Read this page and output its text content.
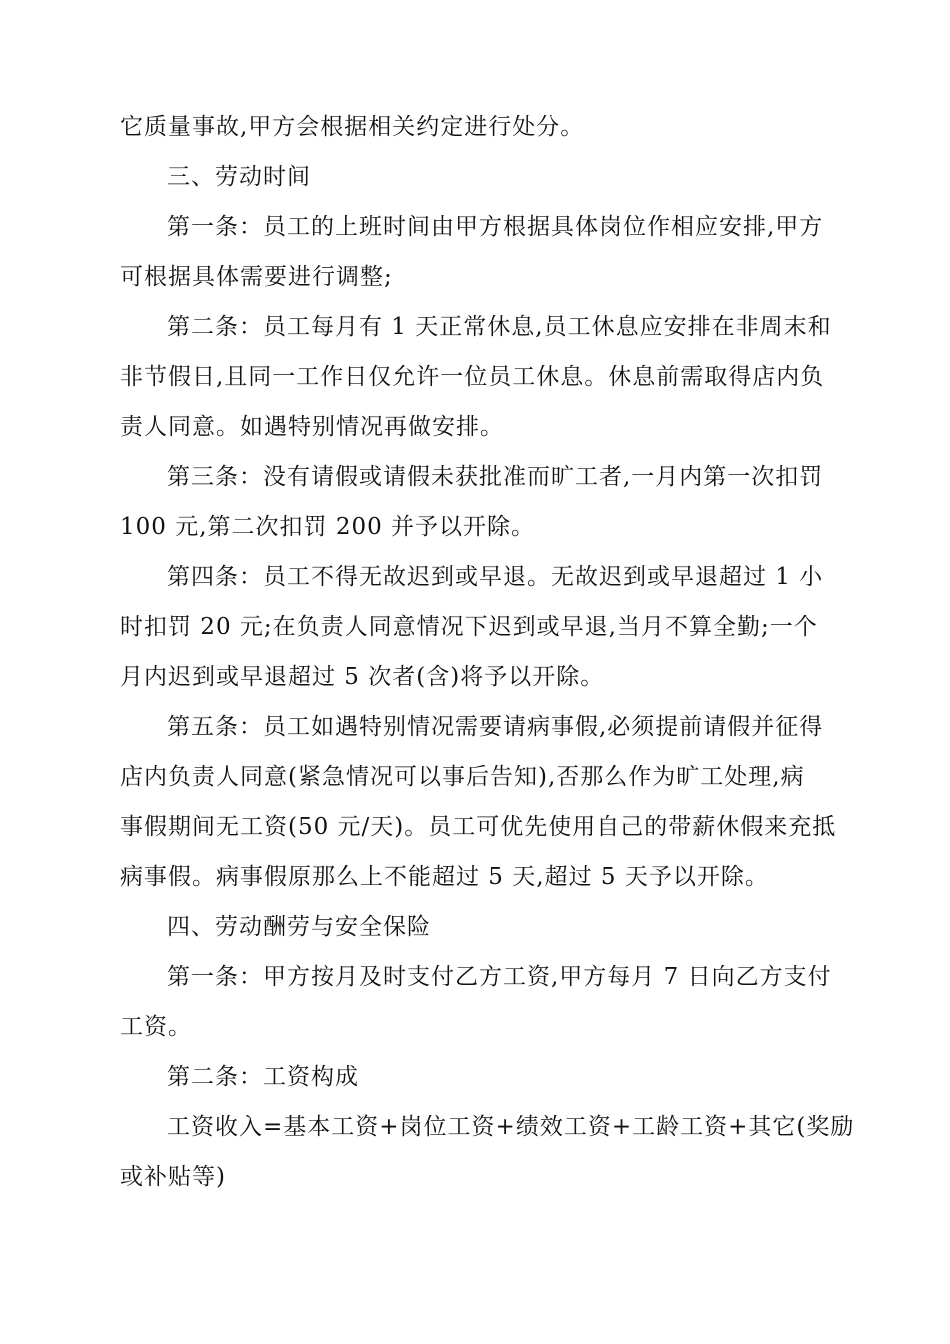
它质量事故,甲方会根据相关约定进行处分。
三、劳动时间
第一条：员工的上班时间由甲方根据具体岗位作相应安排,甲方
可根据具体需要进行调整;
第二条：员工每月有 1 天正常休息,员工休息应安排在非周末和
非节假日,且同一工作日仅允许一位员工休息。休息前需取得店内负
责人同意。如遇特别情况再做安排。
第三条：没有请假或请假未获批准而旷工者,一月内第一次扣罚
100 元,第二次扣罚 200 并予以开除。
第四条：员工不得无故迟到或早退。无故迟到或早退超过 1 小
时扣罚 20 元;在负责人同意情况下迟到或早退,当月不算全勤;一个
月内迟到或早退超过 5 次者(含)将予以开除。
第五条：员工如遇特别情况需要请病事假,必须提前请假并征得
店内负责人同意(紧急情况可以事后告知),否那么作为旷工处理,病
事假期间无工资(50 元/天)。员工可优先使用自己的带薪休假来充抵
病事假。病事假原那么上不能超过 5 天,超过 5 天予以开除。
四、劳动酬劳与安全保险
第一条：甲方按月及时支付乙方工资,甲方每月 7 日向乙方支付
工资。
第二条：工资构成
工资收入=基本工资+岗位工资+绩效工资+工龄工资+其它(奖励
或补贴等)
